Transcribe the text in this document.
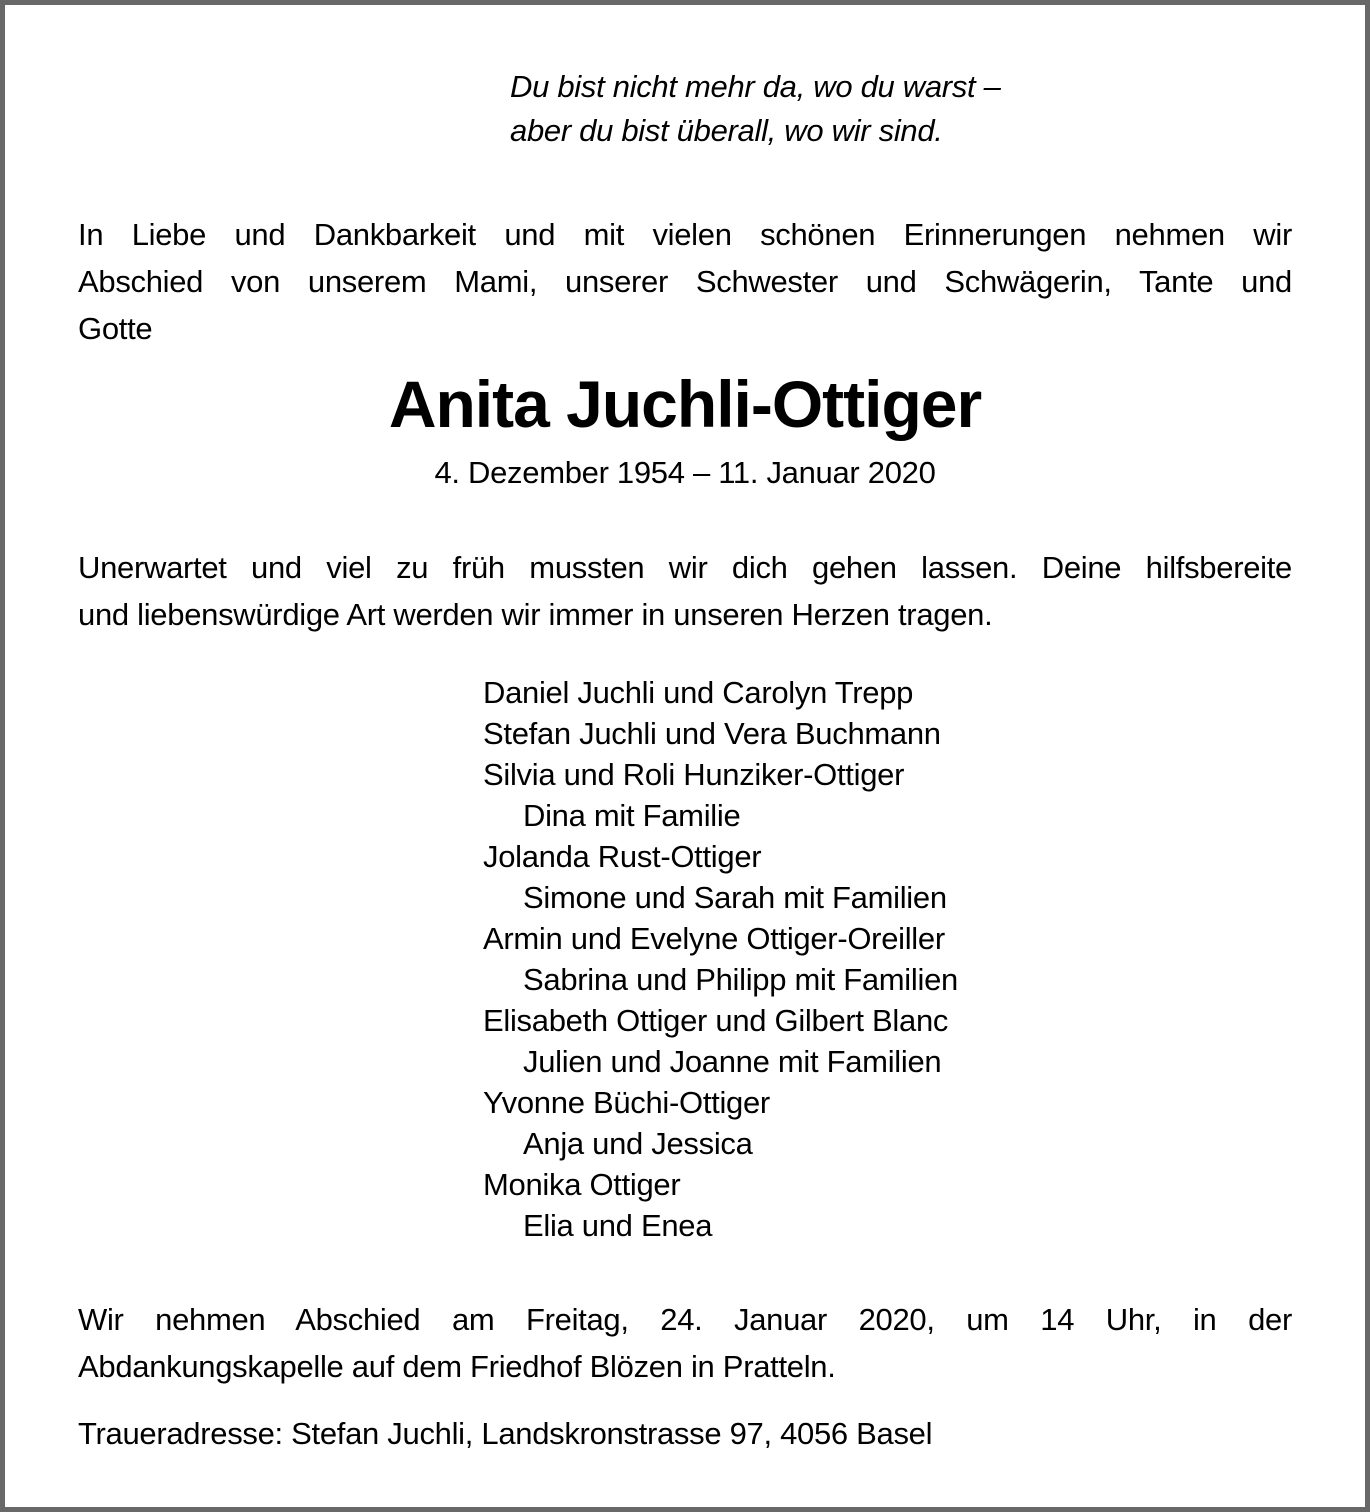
Du bist nicht mehr da, wo du warst –
aber du bist überall, wo wir sind.
In Liebe und Dankbarkeit und mit vielen schönen Erinnerungen nehmen wir
Abschied von unserem Mami, unserer Schwester und Schwägerin, Tante und
Gotte
Anita Juchli-Ottiger
4. Dezember 1954 – 11. Januar 2020
Unerwartet und viel zu früh mussten wir dich gehen lassen. Deine hilfsbereite
und liebenswürdige Art werden wir immer in unseren Herzen tragen.
Daniel Juchli und Carolyn Trepp
Stefan Juchli und Vera Buchmann
Silvia und Roli Hunziker-Ottiger
Dina mit Familie
Jolanda Rust-Ottiger
Simone und Sarah mit Familien
Armin und Evelyne Ottiger-Oreiller
Sabrina und Philipp mit Familien
Elisabeth Ottiger und Gilbert Blanc
Julien und Joanne mit Familien
Yvonne Büchi-Ottiger
Anja und Jessica
Monika Ottiger
Elia und Enea
Wir nehmen Abschied am Freitag, 24. Januar 2020, um 14 Uhr, in der
Abdankungskapelle auf dem Friedhof Blözen in Pratteln.
Traueradresse: Stefan Juchli, Landskronstrasse 97, 4056 Basel
